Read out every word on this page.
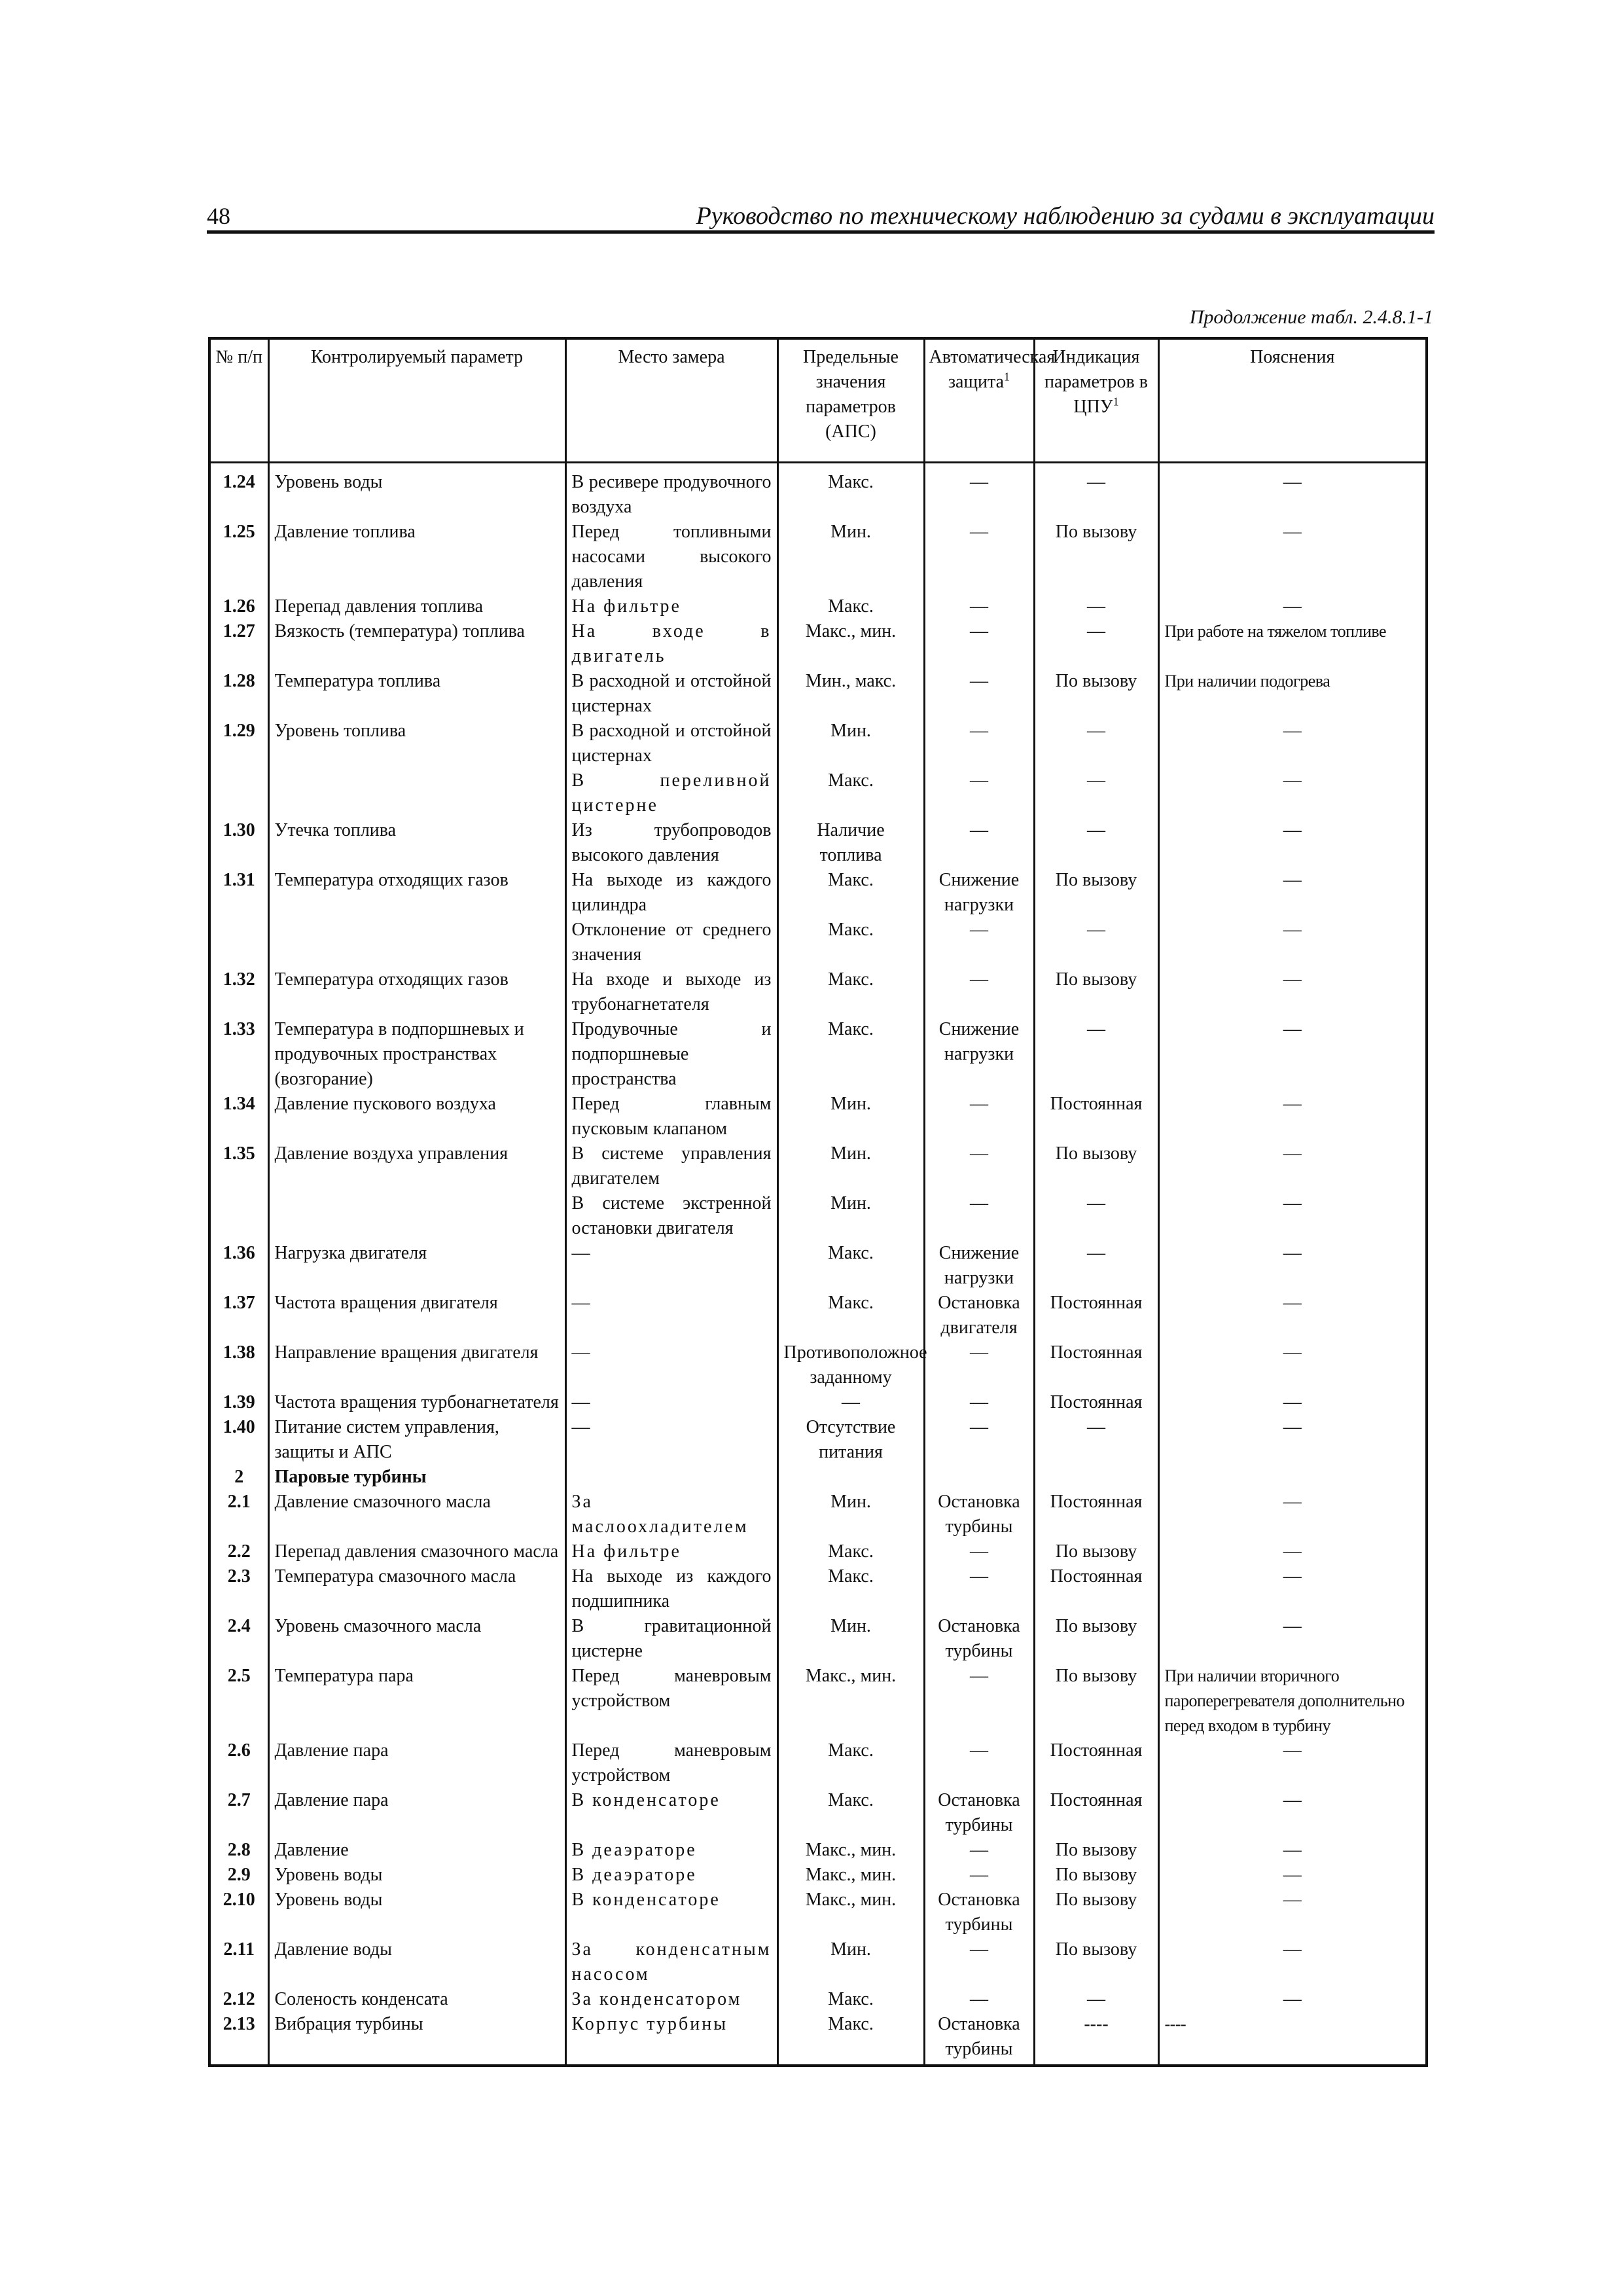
48	Руководство по техническому наблюдению за судами в эксплуатации
Продолжение табл. 2.4.8.1-1
№ п/п	Контролируемый параметр	Место замера	Предельные значения параметров (АПС)	Автоматическая защита$^1$	Индикация параметров в ЦПУ$^1$	Пояснения
1.24	Уровень воды	В ресивере продувочного воздуха	Макс.	—	—	—
1.25	Давление топлива	Перед топливными насосами высокого давления	Мин.	—	По вызову	—
1.26	Перепад давления топлива	На фильтре	Макс.	—	—	—
1.27	Вязкость (температура) топлива	На входе в двигатель	Макс., мин.	—	—	При работе на тяжелом топливе
1.28	Температура топлива	В расходной и отстойной цистернах	Мин., макс.	—	По вызову	При наличии подогрева
1.29	Уровень топлива	В расходной и отстойной цистернах	Мин.	—	—	—
		В переливной цистерне	Макс.	—	—	—
1.30	Утечка топлива	Из трубопроводов высокого давления	Наличие топлива	—	—	—
1.31	Температура отходящих газов	На выходе из каждого цилиндра	Макс.	Снижение нагрузки	По вызову	—
		Отклонение от среднего значения	Макс.	—	—	—
1.32	Температура отходящих газов	На входе и выходе из трубонагнетателя	Макс.	—	По вызову	—
1.33	Температура в подпоршневых и продувочных пространствах (возгорание)	Продувочные и подпоршневые пространства	Макс.	Снижение нагрузки	—	—
1.34	Давление пускового воздуха	Перед главным пусковым клапаном	Мин.	—	Постоянная	—
1.35	Давление воздуха управления	В системе управления двигателем	Мин.	—	По вызову	—
		В системе экстренной остановки двигателя	Мин.	—	—	—
1.36	Нагрузка двигателя	—	Макс.	Снижение нагрузки	—	—
1.37	Частота вращения двигателя	—	Макс.	Остановка двигателя	Постоянная	—
1.38	Направление вращения двигателя	—	Противоположное заданному	—	Постоянная	—
1.39	Частота вращения турбонагнетателя	—	—	—	Постоянная	—
1.40	Питание систем управления, защиты и АПС	—	Отсутствие питания	—	—	—
2	Паровые турбины					
2.1	Давление смазочного масла	За маслоохладителем	Мин.	Остановка турбины	Постоянная	—
2.2	Перепад давления смазочного масла	На фильтре	Макс.	—	По вызову	—
2.3	Температура смазочного масла	На выходе из каждого подшипника	Макс.	—	Постоянная	—
2.4	Уровень смазочного масла	В гравитационной цистерне	Мин.	Остановка турбины	По вызову	—
2.5	Температура пара	Перед маневровым устройством	Макс., мин.	—	По вызову	При наличии вторичного пароперегревателя дополнительно перед входом в турбину
2.6	Давление пара	Перед маневровым устройством	Макс.	—	Постоянная	—
2.7	Давление пара	В конденсаторе	Макс.	Остановка турбины	Постоянная	—
2.8	Давление	В деаэраторе	Макс., мин.	—	По вызову	—
2.9	Уровень воды	В деаэраторе	Макс., мин.	—	По вызову	—
2.10	Уровень воды	В конденсаторе	Макс., мин.	Остановка турбины	По вызову	—
2.11	Давление воды	За конденсатным насосом	Мин.	—	По вызову	—
2.12	Соленость конденсата	За конденсатором	Макс.	—	—	—
2.13	Вибрация турбины	Корпус турбины	Макс.	Остановка турбины	----	----
